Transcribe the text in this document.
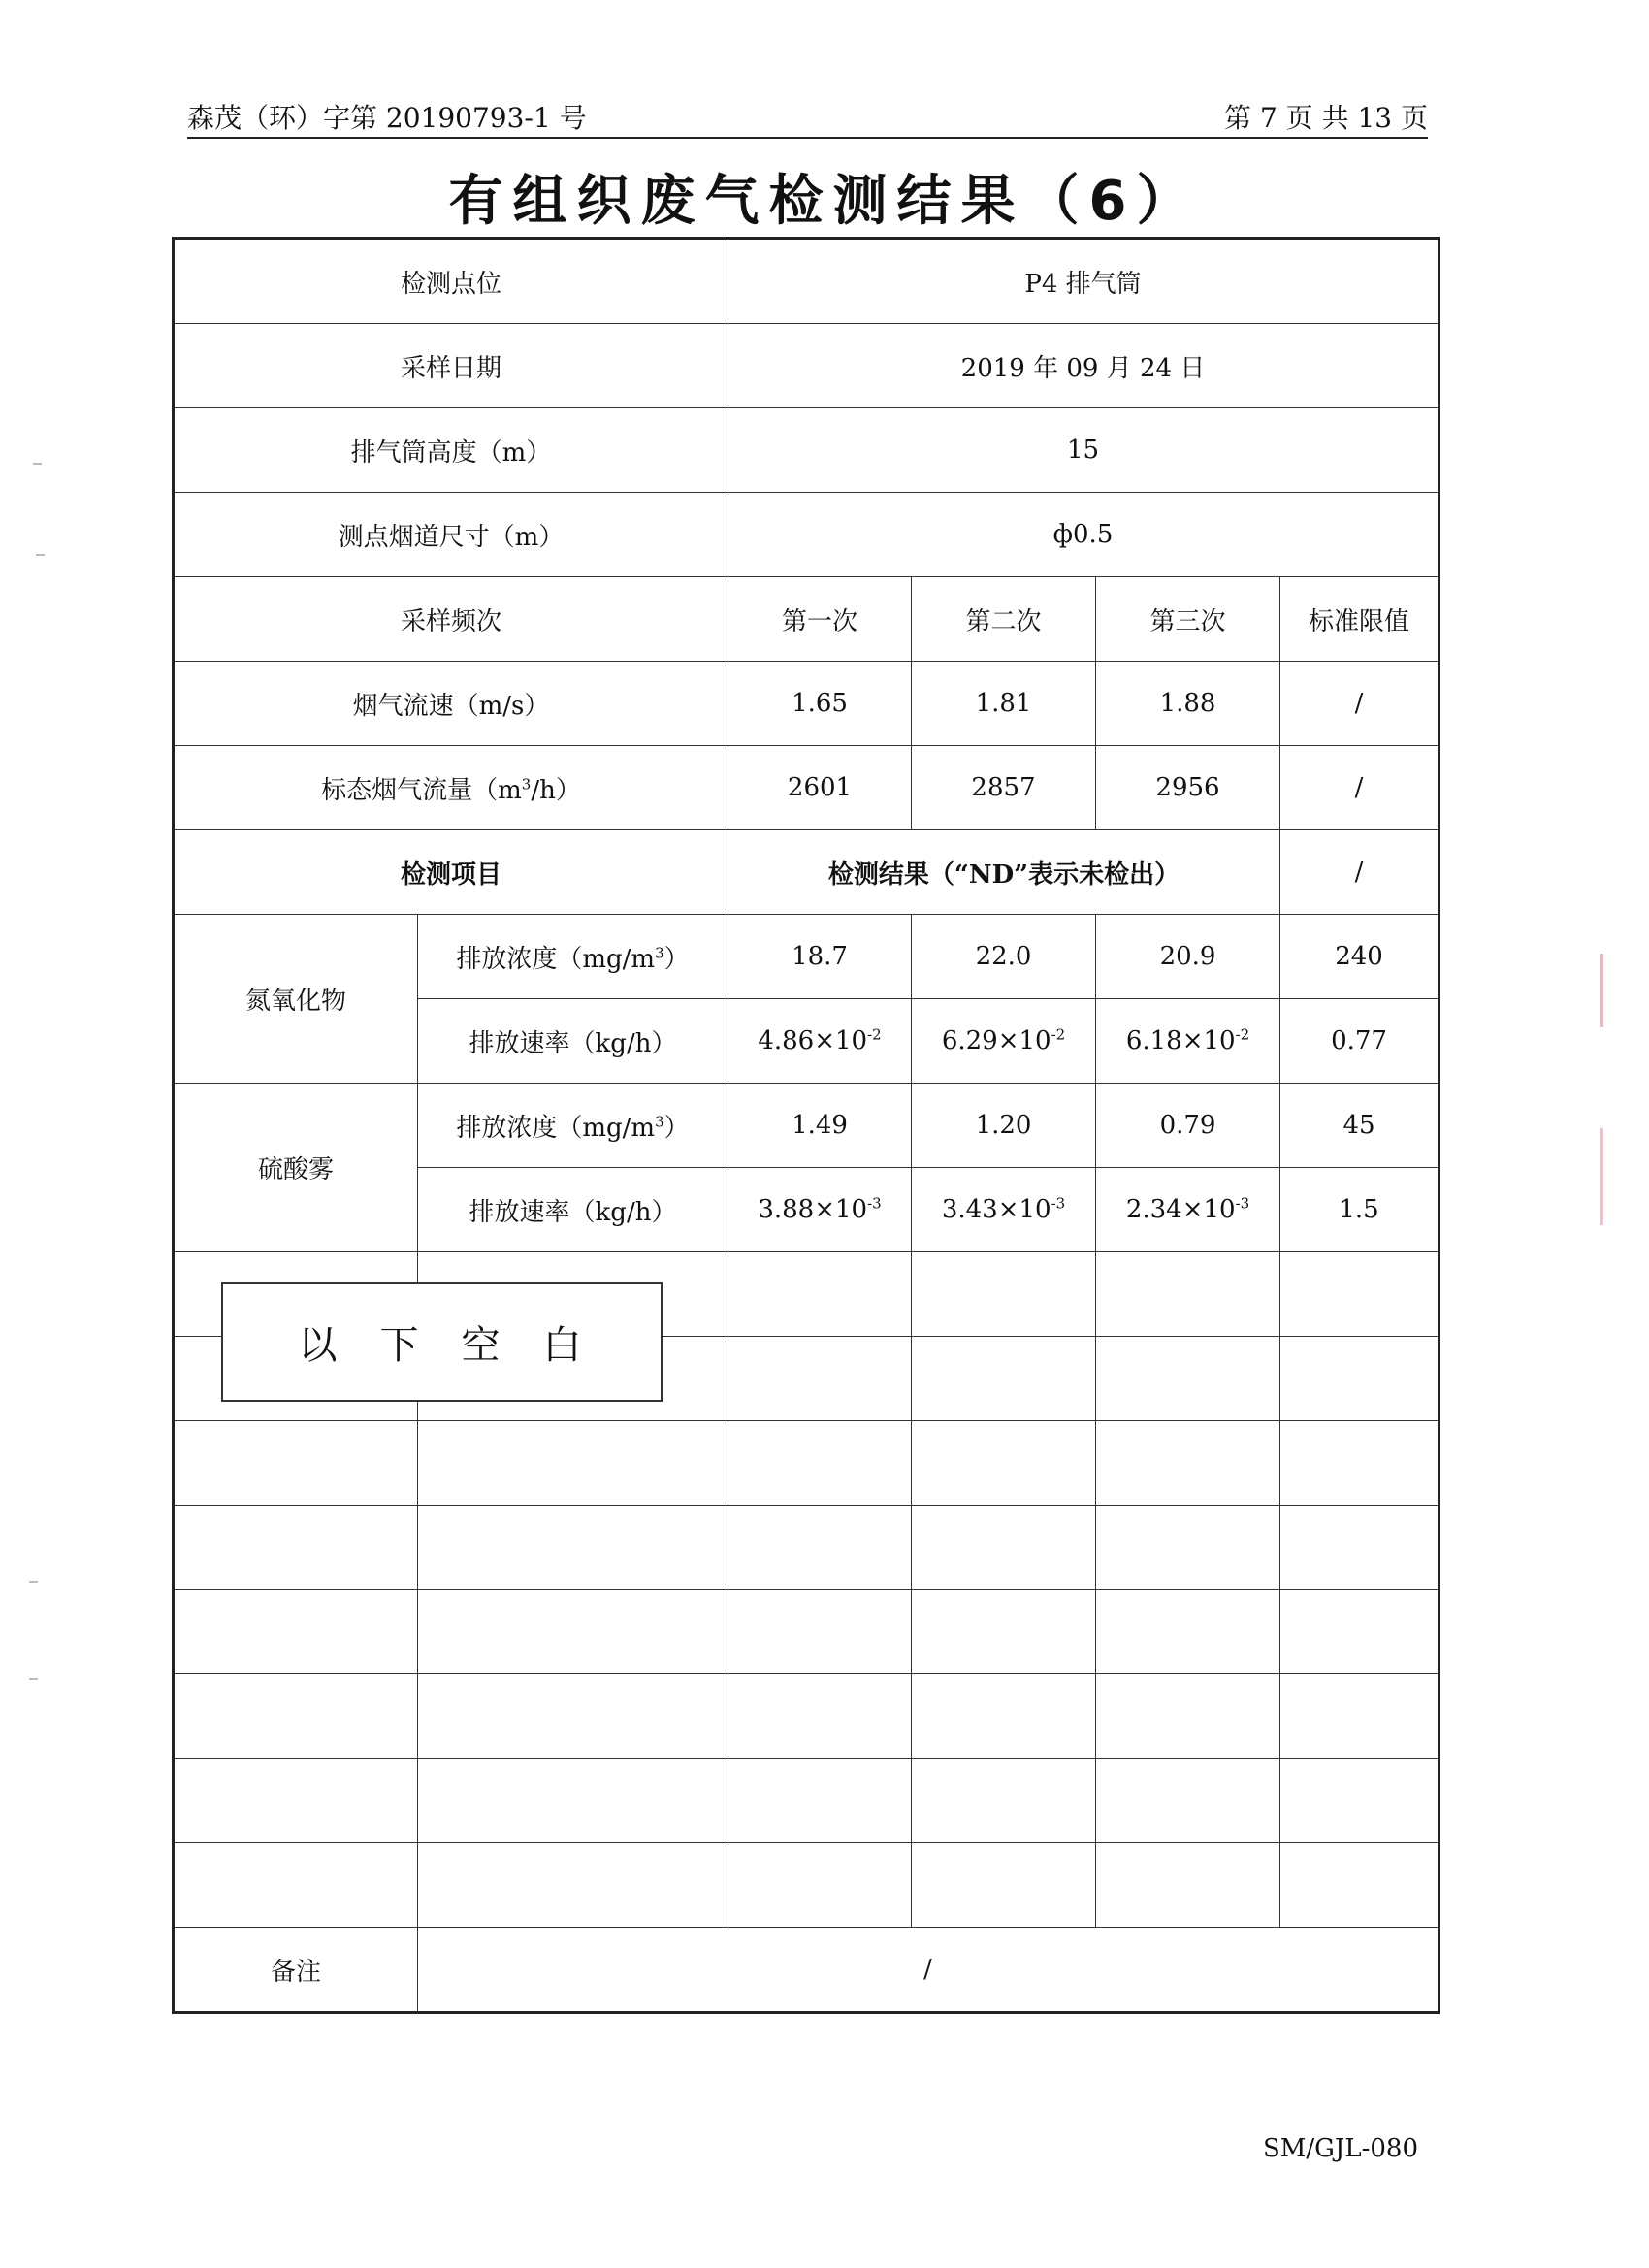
森茂（环）字第 20190793-1 号	第 7 页 共 13 页
有组织废气检测结果（6）
检测点位		P4 排气筒			
采样日期		2019 年 09 月 24 日			
排气筒高度（m）		15			
测点烟道尺寸（m）		ф0.5			
采样频次		第一次	第二次	第三次	标准限值
烟气流速（m/s）		1.65	1.81	1.88	/
标态烟气流量$(m^3/h)$		2601	2857	2956	/
检测项目		检测结果（“ND”表示未检出）			/
氮氧化物	排放浓度$(mg/m^3)$	18.7	22.0	20.9	240
	排放速率（kg/h）	$4.86\times 10^{-2}$	$6.29\times 10^{-2}$	$6.18\times 10^{-2}$	0.77
硫酸雾	排放浓度$(mg/m^3)$	1.49	1.20	0.79	45
	排放速率（kg/h）	$3.88\times 10^{-3}$	$3.43\times 10^{-3}$	$2.34\times 10^{-3}$	1.5

备注	/				
以下空白
SM/GJL-080
